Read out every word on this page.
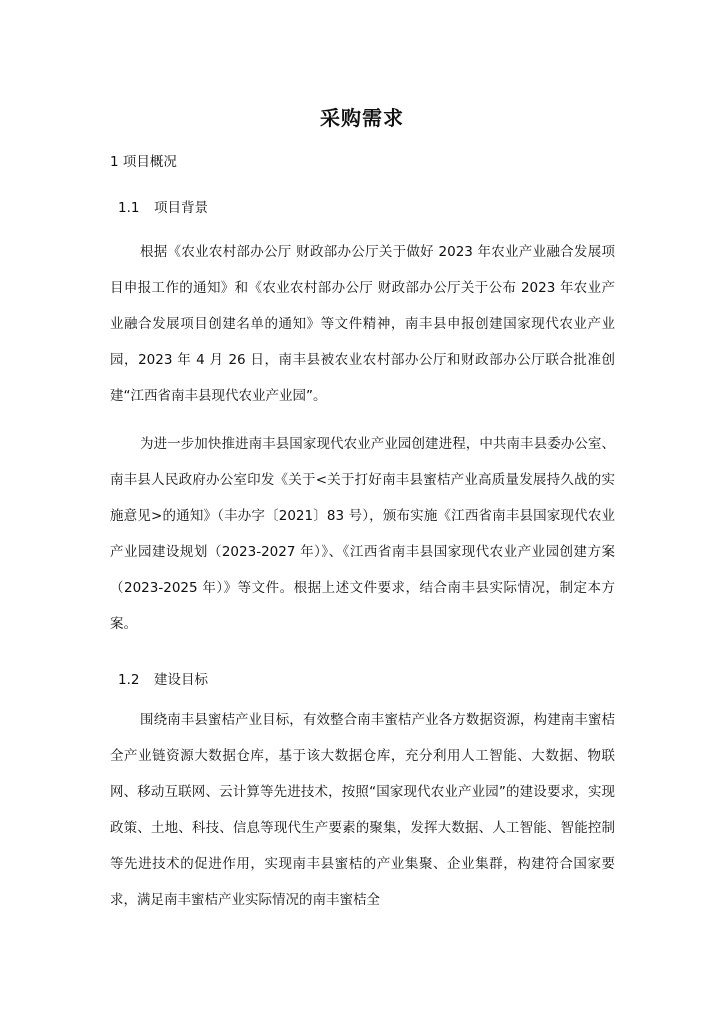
采购需求
1 项目概况
1.1 项目背景
根据《农业农村部办公厅 财政部办公厅关于做好 2023 年农业产业融合发展项目申报工作的通知》和《农业农村部办公厅 财政部办公厅关于公布 2023 年农业产业融合发展项目创建名单的通知》等文件精神，南丰县申报创建国家现代农业产业园，2023 年 4 月 26 日，南丰县被农业农村部办公厅和财政部办公厅联合批准创建“江西省南丰县现代农业产业园”。
为进一步加快推进南丰县国家现代农业产业园创建进程，中共南丰县委办公室、南丰县人民政府办公室印发《关于<关于打好南丰县蜜桔产业高质量发展持久战的实施意见>的通知》（丰办字〔2021〕83 号），颁布实施《江西省南丰县国家现代农业产业园建设规划（2023-2027 年）》、《江西省南丰县国家现代农业产业园创建方案（2023-2025 年）》等文件。根据上述文件要求，结合南丰县实际情况，制定本方案。
1.2 建设目标
围绕南丰县蜜桔产业目标，有效整合南丰蜜桔产业各方数据资源，构建南丰蜜桔全产业链资源大数据仓库，基于该大数据仓库，充分利用人工智能、大数据、物联网、移动互联网、云计算等先进技术，按照“国家现代农业产业园”的建设要求，实现政策、土地、科技、信息等现代生产要素的聚集，发挥大数据、人工智能、智能控制等先进技术的促进作用，实现南丰县蜜桔的产业集聚、企业集群，构建符合国家要求，满足南丰蜜桔产业实际情况的南丰蜜桔全
